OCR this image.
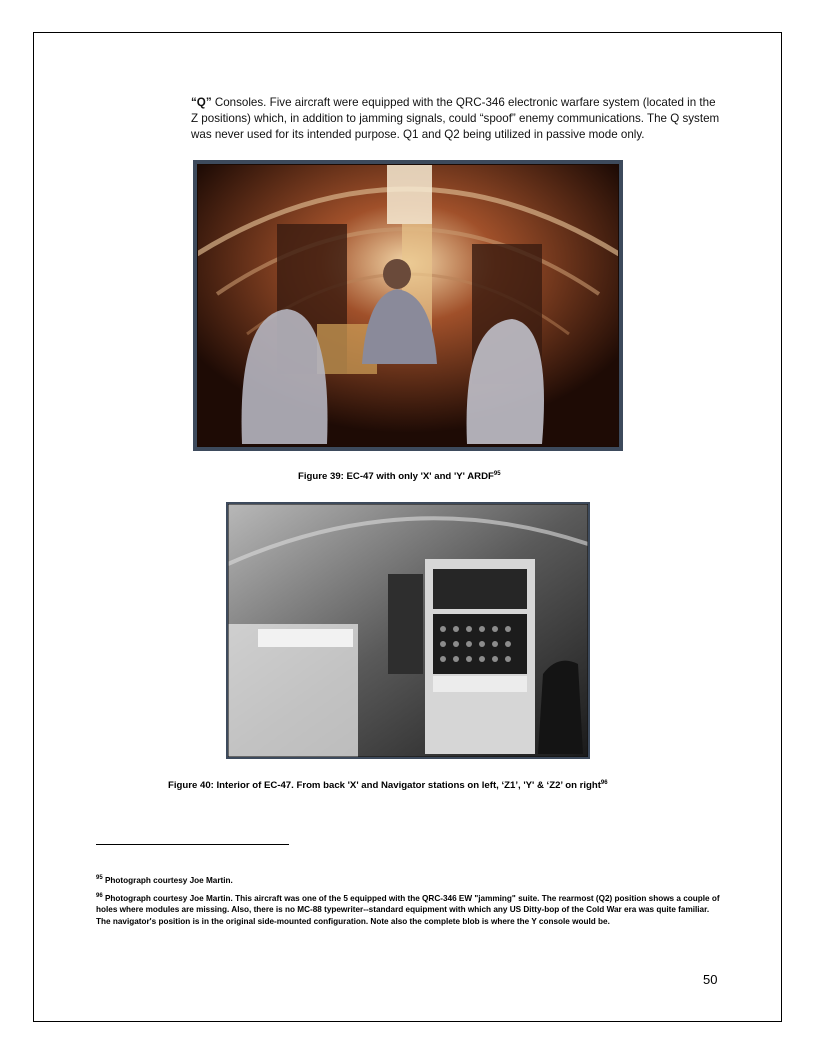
“Q” Consoles. Five aircraft were equipped with the QRC-346 electronic warfare system (located in the Z positions) which, in addition to jamming signals, could “spoof” enemy communications. The Q system was never used for its intended purpose. Q1 and Q2 being utilized in passive mode only.

Figure 39: EC-47 with only 'X' and 'Y' ARDF$^{95}$

Figure 40: Interior of EC-47. From back 'X' and Navigator stations on left, ‘Z1’, 'Y' & ‘Z2’ on right$^{96}$

$^{95}$ Photograph courtesy Joe Martin.

$^{96}$ Photograph courtesy Joe Martin. This aircraft was one of the 5 equipped with the QRC-346 EW "jamming" suite. The rearmost (Q2) position shows a couple of holes where modules are missing. Also, there is no MC-88 typewriter--standard equipment with which any US Ditty-bop of the Cold War era was quite familiar. The navigator's position is in the original side-mounted configuration. Note also the complete blob is where the Y console would be.

50
